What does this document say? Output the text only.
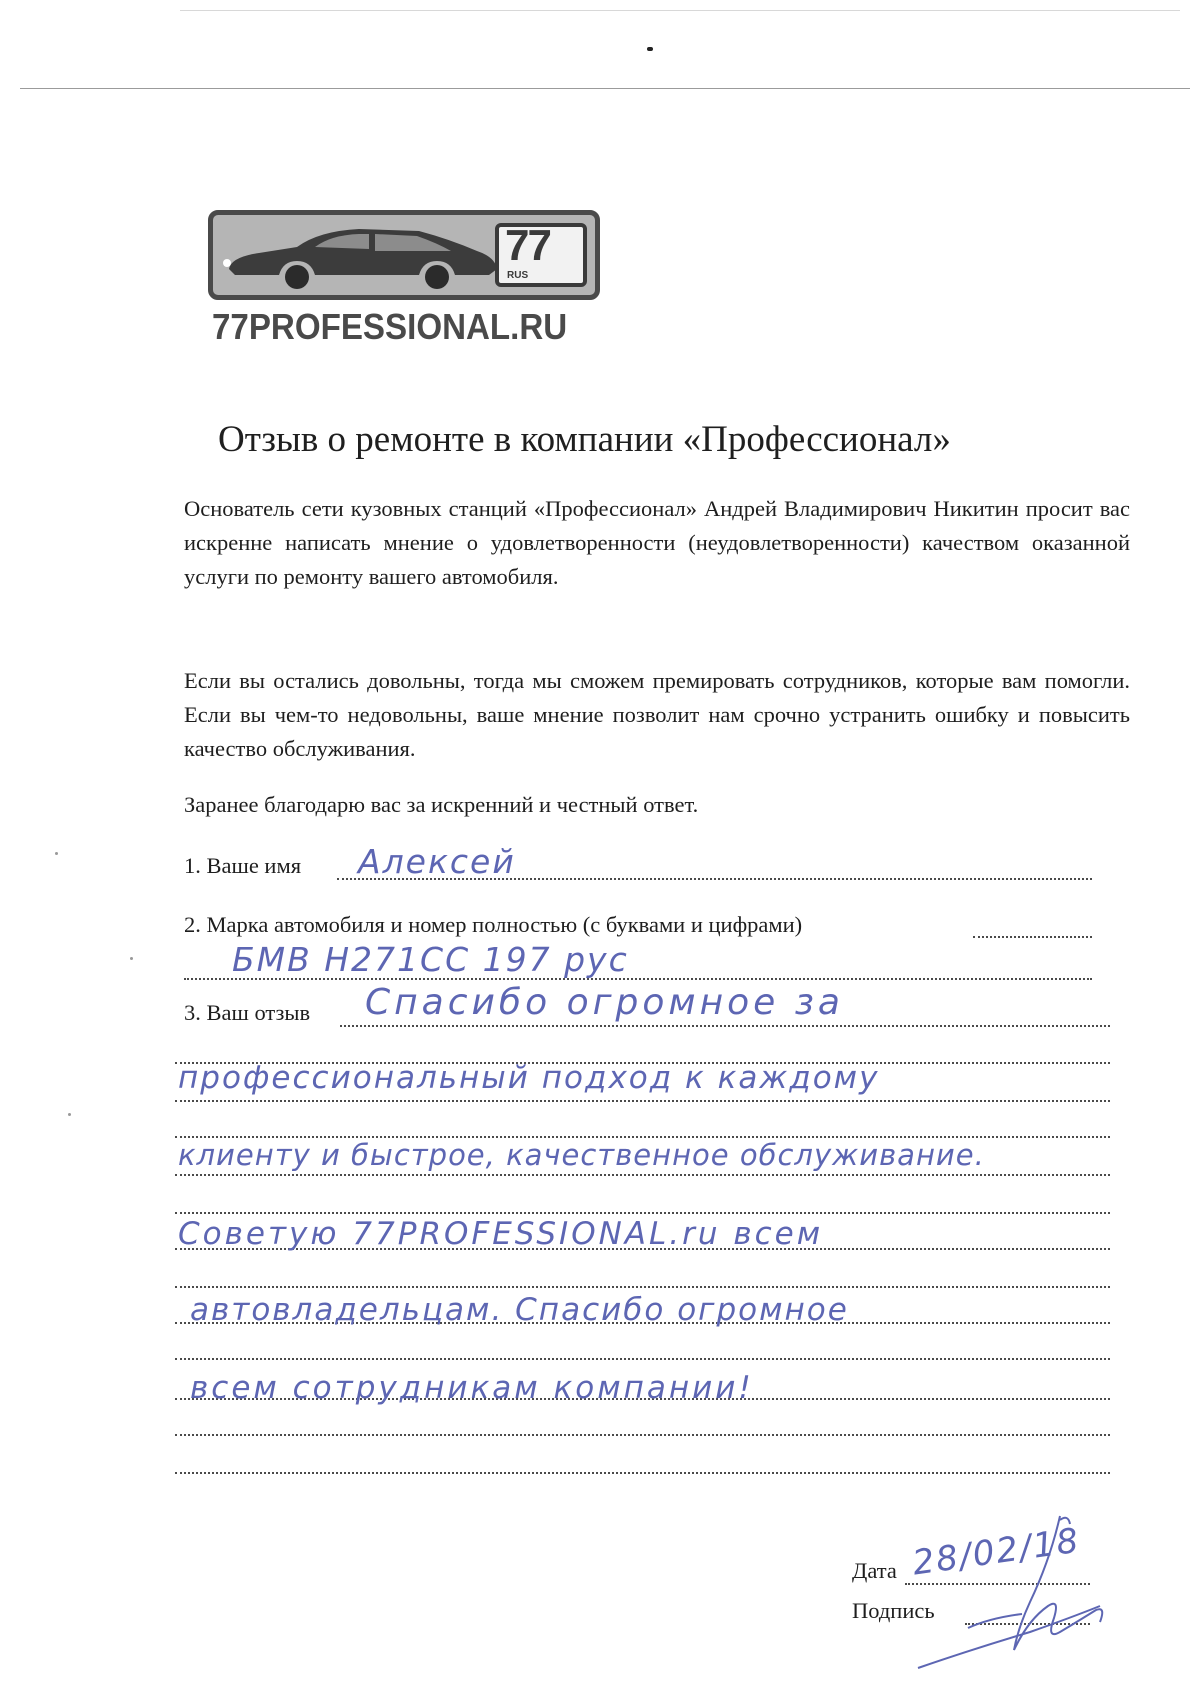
77
RUS
77PROFESSIONAL.RU
Отзыв о ремонте в компании «Профессионал»

Основатель сети кузовных станций «Профессионал» Андрей Владимирович Никитин просит вас искренне написать мнение о удовлетворенности (неудовлетворенности) качеством оказанной услуги по ремонту вашего автомобиля.

Если вы остались довольны, тогда мы сможем премировать сотрудников, которые вам помогли. Если вы чем-то недовольны, ваше мнение позволит нам срочно устранить ошибку и повысить качество обслуживания.

Заранее благодарю вас за искренний и честный ответ.
1. Ваше имя Алексей
2. Марка автомобиля и номер полностью (с буквами и цифрами)
БМВ Н271СС 197 рус
3. Ваш отзыв Спасибо огромное за
профессиональный подход к каждому
клиенту и быстрое, качественное обслуживание.
Советую 77PROFESSIONAL.ru всем
автовладельцам. Спасибо огромное
всем сотрудникам компании!
Дата 28/02/18
Подпись
